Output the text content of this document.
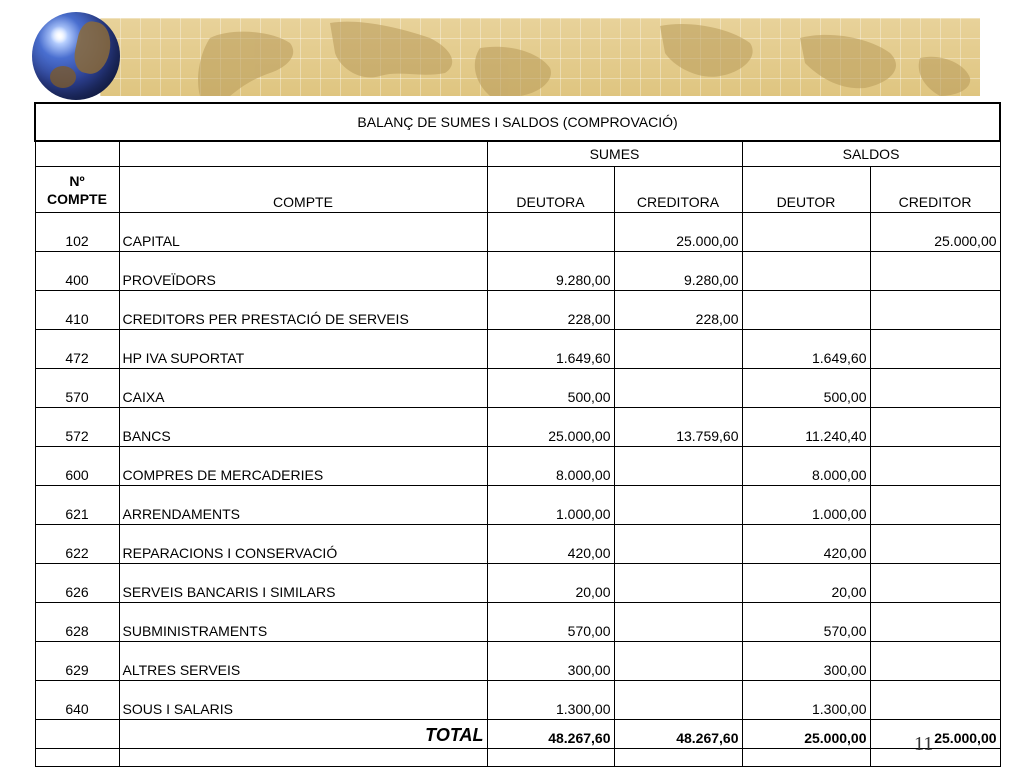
BALANÇ DE SUMES I SALDOS (COMPROVACIÓ)					
		SUMES		SALDOS	

Nº
COMPTE	COMPTE	DEUTORA	CREDITORA	DEUTOR	CREDITOR
102	CAPITAL		25.000,00		25.000,00
400	PROVEÏDORS	9.280,00	9.280,00		
410	CREDITORS PER PRESTACIÓ DE SERVEIS	228,00	228,00		
472	HP IVA SUPORTAT	1.649,60		1.649,60	
570	CAIXA	500,00		500,00	
572	BANCS	25.000,00	13.759,60	11.240,40	
600	COMPRES DE MERCADERIES	8.000,00		8.000,00	
621	ARRENDAMENTS	1.000,00		1.000,00	
622	REPARACIONS I CONSERVACIÓ	420,00		420,00	
626	SERVEIS BANCARIS I SIMILARS	20,00		20,00	
628	SUBMINISTRAMENTS	570,00		570,00	
629	ALTRES SERVEIS	300,00		300,00	
640	SOUS I SALARIS	1.300,00		1.300,00	
	TOTAL	48.267,60	48.267,60	25.000,00	25.000,00

11
